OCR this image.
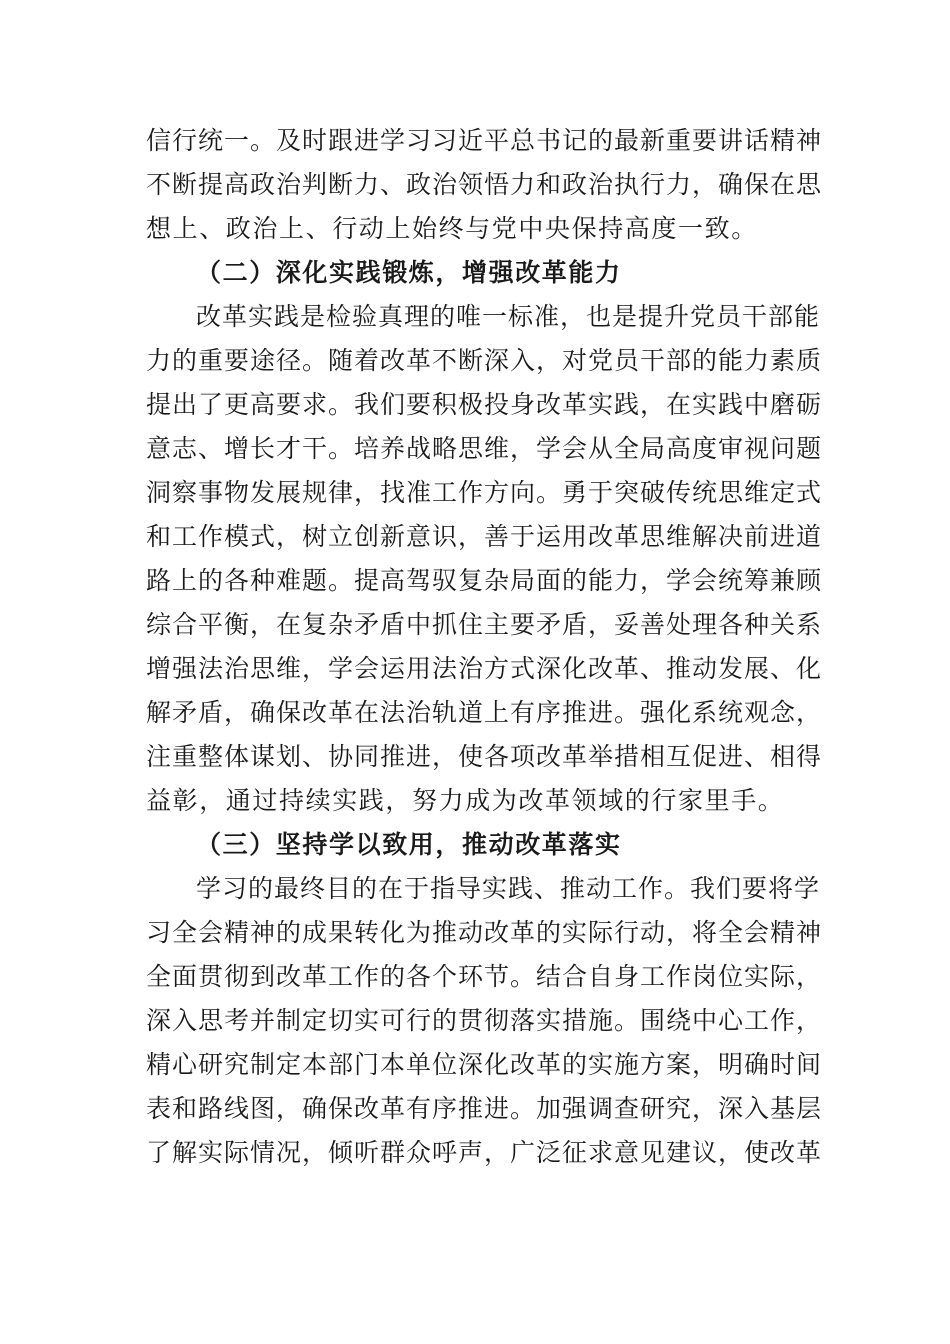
信行统一。及时跟进学习习近平总书记的最新重要讲话精神
不断提高政治判断力、政治领悟力和政治执行力，确保在思
想上、政治上、行动上始终与党中央保持高度一致。
（二）深化实践锻炼，增强改革能力
改革实践是检验真理的唯一标准，也是提升党员干部能
力的重要途径。随着改革不断深入，对党员干部的能力素质
提出了更高要求。我们要积极投身改革实践，在实践中磨砺
意志、增长才干。培养战略思维，学会从全局高度审视问题
洞察事物发展规律，找准工作方向。勇于突破传统思维定式
和工作模式，树立创新意识，善于运用改革思维解决前进道
路上的各种难题。提高驾驭复杂局面的能力，学会统筹兼顾
综合平衡，在复杂矛盾中抓住主要矛盾，妥善处理各种关系
增强法治思维，学会运用法治方式深化改革、推动发展、化
解矛盾，确保改革在法治轨道上有序推进。强化系统观念，
注重整体谋划、协同推进，使各项改革举措相互促进、相得
益彰，通过持续实践，努力成为改革领域的行家里手。
（三）坚持学以致用，推动改革落实
学习的最终目的在于指导实践、推动工作。我们要将学
习全会精神的成果转化为推动改革的实际行动，将全会精神
全面贯彻到改革工作的各个环节。结合自身工作岗位实际，
深入思考并制定切实可行的贯彻落实措施。围绕中心工作，
精心研究制定本部门本单位深化改革的实施方案，明确时间
表和路线图，确保改革有序推进。加强调查研究，深入基层
了解实际情况，倾听群众呼声，广泛征求意见建议，使改革
